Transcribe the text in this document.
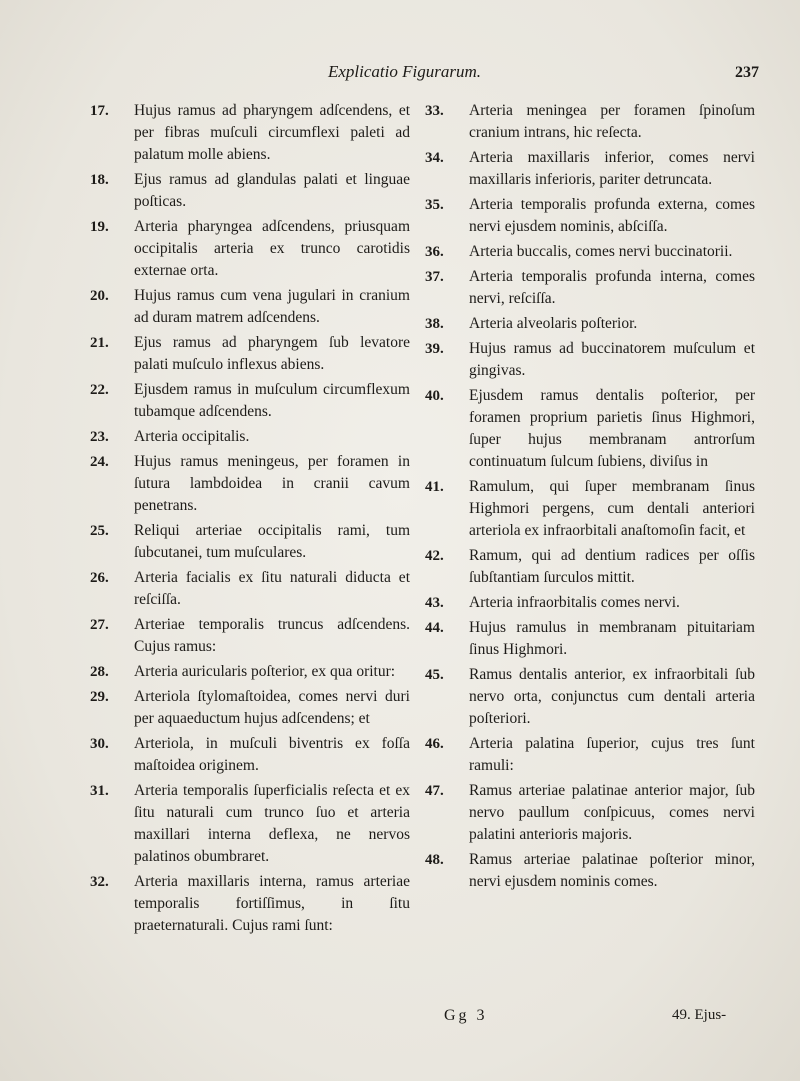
Explicatio Figurarum.	237
17.	Hujus ramus ad pharyngem adſcendens, et per fibras muſculi circumflexi paleti ad palatum molle abiens.
18.	Ejus ramus ad glandulas palati et linguae poſticas.
19.	Arteria pharyngea adſcendens, priusquam occipitalis arteria ex trunco carotidis externae orta.
20.	Hujus ramus cum vena jugulari in cranium ad duram matrem adſcendens.
21.	Ejus ramus ad pharyngem ſub levatore palati muſculo inflexus abiens.
22.	Ejusdem ramus in muſculum circumflexum tubamque adſcendens.
23.	Arteria occipitalis.
24.	Hujus ramus meningeus, per foramen in ſutura lambdoidea in cranii cavum penetrans.
25.	Reliqui arteriae occipitalis rami, tum ſubcutanei, tum muſculares.
26.	Arteria facialis ex ſitu naturali diducta et reſciſſa.
27.	Arteriae temporalis truncus adſcendens. Cujus ramus:
28.	Arteria auricularis poſterior, ex qua oritur:
29.	Arteriola ſtylomaſtoidea, comes nervi duri per aquaeductum hujus adſcendens; et
30.	Arteriola, in muſculi biventris ex foſſa maſtoidea originem.
31.	Arteria temporalis ſuperficialis reſecta et ex ſitu naturali cum trunco ſuo et arteria maxillari interna deflexa, ne nervos palatinos obumbraret.
32.	Arteria maxillaris interna, ramus arteriae temporalis fortiſſimus, in ſitu praeternaturali. Cujus rami ſunt:
33.	Arteria meningea per foramen ſpinoſum cranium intrans, hic reſecta.
34.	Arteria maxillaris inferior, comes nervi maxillaris inferioris, pariter detruncata.
35.	Arteria temporalis profunda externa, comes nervi ejusdem nominis, abſciſſa.
36.	Arteria buccalis, comes nervi buccinatorii.
37.	Arteria temporalis profunda interna, comes nervi, reſciſſa.
38.	Arteria alveolaris poſterior.
39.	Hujus ramus ad buccinatorem muſculum et gingivas.
40.	Ejusdem ramus dentalis poſterior, per foramen proprium parietis ſinus Highmori, ſuper hujus membranam antrorſum continuatum ſulcum ſubiens, diviſus in
41.	Ramulum, qui ſuper membranam ſinus Highmori pergens, cum dentali anteriori arteriola ex infraorbitali anaſtomoſin facit, et
42.	Ramum, qui ad dentium radices per oſſis ſubſtantiam ſurculos mittit.
43.	Arteria infraorbitalis comes nervi.
44.	Hujus ramulus in membranam pituitariam ſinus Highmori.
45.	Ramus dentalis anterior, ex infraorbitali ſub nervo orta, conjunctus cum dentali arteria poſteriori.
46.	Arteria palatina ſuperior, cujus tres ſunt ramuli:
47.	Ramus arteriae palatinae anterior major, ſub nervo paullum conſpicuus, comes nervi palatini anterioris majoris.
48.	Ramus arteriae palatinae poſterior minor, nervi ejusdem nominis comes.
Gg 3	49. Ejus-
